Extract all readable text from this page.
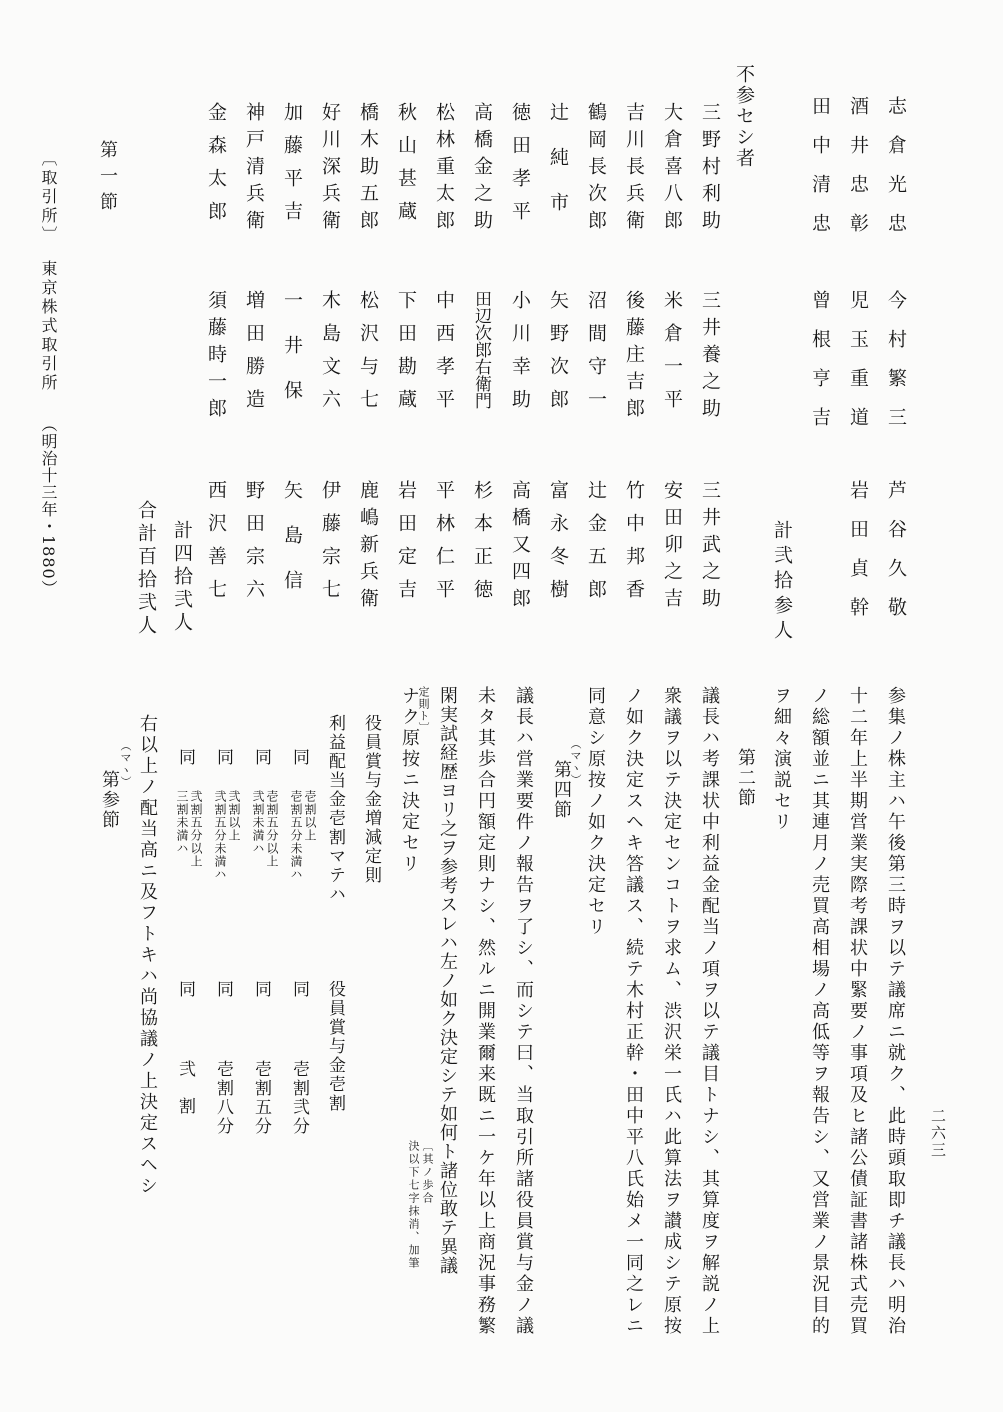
第一節
〔取引所〕
東京株式取引所
（明治十三年・1880）
二六三
志倉光忠
今村繁三
芦谷久敬
酒井忠彰
児玉重道
岩田貞幹
田中清忠
曾根亨吉
計弐拾参人
不参セシ者
三野村利助
三井養之助
三井武之助
大倉喜八郎
米倉一平
安田卯之吉
吉川長兵衛
後藤庄吉郎
竹中邦香
鶴岡長次郎
沼間守一
辻金五郎
辻純市
矢野次郎
富永冬樹
徳田孝平
小川幸助
高橋又四郎
高橋金之助
田辺次郎右衛門
杉本正徳
松林重太郎
中西孝平
平林仁平
秋山甚蔵
下田勘蔵
岩田定吉
橋木助五郎
松沢与七
鹿嶋新兵衛
好川深兵衛
木島文六
伊藤宗七
加藤平吉
一井保
矢島信
神戸清兵衛
増田勝造
野田宗六
金森太郎
須藤時一郎
西沢善七
計四拾弐人
合計百拾弐人
参集ノ株主ハ午後第三時ヲ以テ議席ニ就ク、此時頭取即チ議長ハ明治
十二年上半期営業実際考課状中緊要ノ事項及ヒ諸公債証書諸株式売買
ノ総額並ニ其連月ノ売買高相場ノ高低等ヲ報告シ、又営業ノ景況目的
ヲ細々演説セリ
第二節
議長ハ考課状中利益金配当ノ項ヲ以テ議目トナシ、其算度ヲ解説ノ上
衆議ヲ以テ決定センコトヲ求ム、渋沢栄一氏ハ此算法ヲ讃成シテ原按
ノ如ク決定スヘキ答議ス、続テ木村正幹・田中平八氏始メ一同之レニ
同意シ原按ノ如ク決定セリ
（マヽ）
第四節
議長ハ営業要件ノ報告ヲ了シ、而シテ曰、当取引所諸役員賞与金ノ議
未タ其歩合円額定則ナシ、然ルニ開業爾来既ニ一ケ年以上商況事務繁
閑実試経歴ヨリ之ヲ参考スレハ左ノ如ク決定シテ如何ト諸位敢テ異議
〔其ノ歩合
決以下七字抹消、加筆
定則ト〕
ナク原按ニ決定セリ
役員賞与金増減定則
利益配当金壱割マテハ
役員賞与金壱割
同
壱割以上
壱割五分未満ハ
同
壱割弐分
同
壱割五分以上
弐割未満ハ
同
壱割五分
同
弐割以上
弐割五分未満ハ
同
壱割八分
同
弐割五分以上
三割未満ハ
同
弐割
右以上ノ配当高ニ及フトキハ尚協議ノ上決定スヘシ
（マヽ）
第参節
